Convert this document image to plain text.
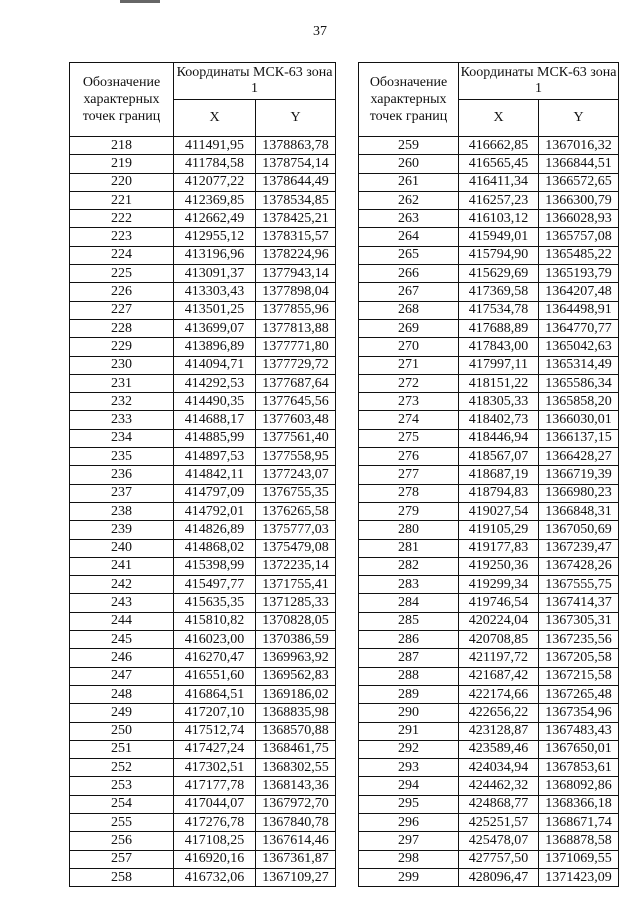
37
Обозначение характерных точек границ	Координаты МСК-63 зона 1	
	X	Y
218	411491,95	1378863,78
219	411784,58	1378754,14
220	412077,22	1378644,49
221	412369,85	1378534,85
222	412662,49	1378425,21
223	412955,12	1378315,57
224	413196,96	1378224,96
225	413091,37	1377943,14
226	413303,43	1377898,04
227	413501,25	1377855,96
228	413699,07	1377813,88
229	413896,89	1377771,80
230	414094,71	1377729,72
231	414292,53	1377687,64
232	414490,35	1377645,56
233	414688,17	1377603,48
234	414885,99	1377561,40
235	414897,53	1377558,95
236	414842,11	1377243,07
237	414797,09	1376755,35
238	414792,01	1376265,58
239	414826,89	1375777,03
240	414868,02	1375479,08
241	415398,99	1372235,14
242	415497,77	1371755,41
243	415635,35	1371285,33
244	415810,82	1370828,05
245	416023,00	1370386,59
246	416270,47	1369963,92
247	416551,60	1369562,83
248	416864,51	1369186,02
249	417207,10	1368835,98
250	417512,74	1368570,88
251	417427,24	1368461,75
252	417302,51	1368302,55
253	417177,78	1368143,36
254	417044,07	1367972,70
255	417276,78	1367840,78
256	417108,25	1367614,46
257	416920,16	1367361,87
258	416732,06	1367109,27
Обозначение характерных точек границ	Координаты МСК-63 зона 1	
	X	Y
259	416662,85	1367016,32
260	416565,45	1366844,51
261	416411,34	1366572,65
262	416257,23	1366300,79
263	416103,12	1366028,93
264	415949,01	1365757,08
265	415794,90	1365485,22
266	415629,69	1365193,79
267	417369,58	1364207,48
268	417534,78	1364498,91
269	417688,89	1364770,77
270	417843,00	1365042,63
271	417997,11	1365314,49
272	418151,22	1365586,34
273	418305,33	1365858,20
274	418402,73	1366030,01
275	418446,94	1366137,15
276	418567,07	1366428,27
277	418687,19	1366719,39
278	418794,83	1366980,23
279	419027,54	1366848,31
280	419105,29	1367050,69
281	419177,83	1367239,47
282	419250,36	1367428,26
283	419299,34	1367555,75
284	419746,54	1367414,37
285	420224,04	1367305,31
286	420708,85	1367235,56
287	421197,72	1367205,58
288	421687,42	1367215,58
289	422174,66	1367265,48
290	422656,22	1367354,96
291	423128,87	1367483,43
292	423589,46	1367650,01
293	424034,94	1367853,61
294	424462,32	1368092,86
295	424868,77	1368366,18
296	425251,57	1368671,74
297	425478,07	1368878,58
298	427757,50	1371069,55
299	428096,47	1371423,09
